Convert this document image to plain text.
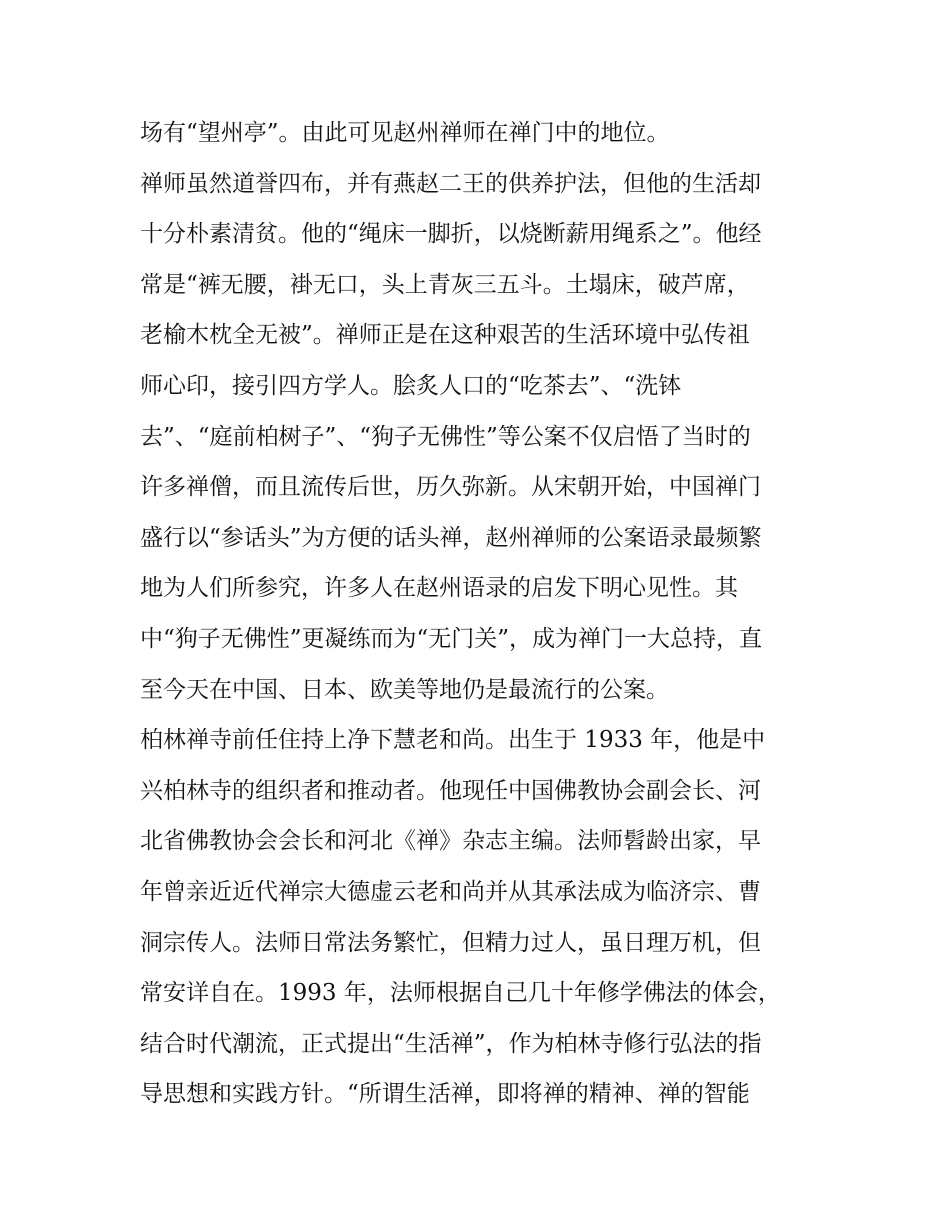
场有“望州亭”。由此可见赵州禅师在禅门中的地位。
禅师虽然道誉四布，并有燕赵二王的供养护法，但他的生活却
十分朴素清贫。他的“绳床一脚折，以烧断薪用绳系之”。他经
常是“裤无腰，褂无口，头上青灰三五斗。土塌床，破芦席，
老榆木枕全无被”。禅师正是在这种艰苦的生活环境中弘传祖
师心印，接引四方学人。脍炙人口的“吃茶去”、“洗钵
去”、“庭前柏树子”、“狗子无佛性”等公案不仅启悟了当时的
许多禅僧，而且流传后世，历久弥新。从宋朝开始，中国禅门
盛行以“参话头”为方便的话头禅，赵州禅师的公案语录最频繁
地为人们所参究，许多人在赵州语录的启发下明心见性。其
中“狗子无佛性”更凝练而为“无门关”，成为禅门一大总持，直
至今天在中国、日本、欧美等地仍是最流行的公案。
柏林禅寺前任住持上净下慧老和尚。出生于 1933 年，他是中
兴柏林寺的组织者和推动者。他现任中国佛教协会副会长、河
北省佛教协会会长和河北《禅》杂志主编。法师髫龄出家，早
年曾亲近近代禅宗大德虚云老和尚并从其承法成为临济宗、曹
洞宗传人。法师日常法务繁忙，但精力过人，虽日理万机，但
常安详自在。1993 年，法师根据自己几十年修学佛法的体会，
结合时代潮流，正式提出“生活禅”，作为柏林寺修行弘法的指
导思想和实践方针。“所谓生活禅，即将禅的精神、禅的智能
